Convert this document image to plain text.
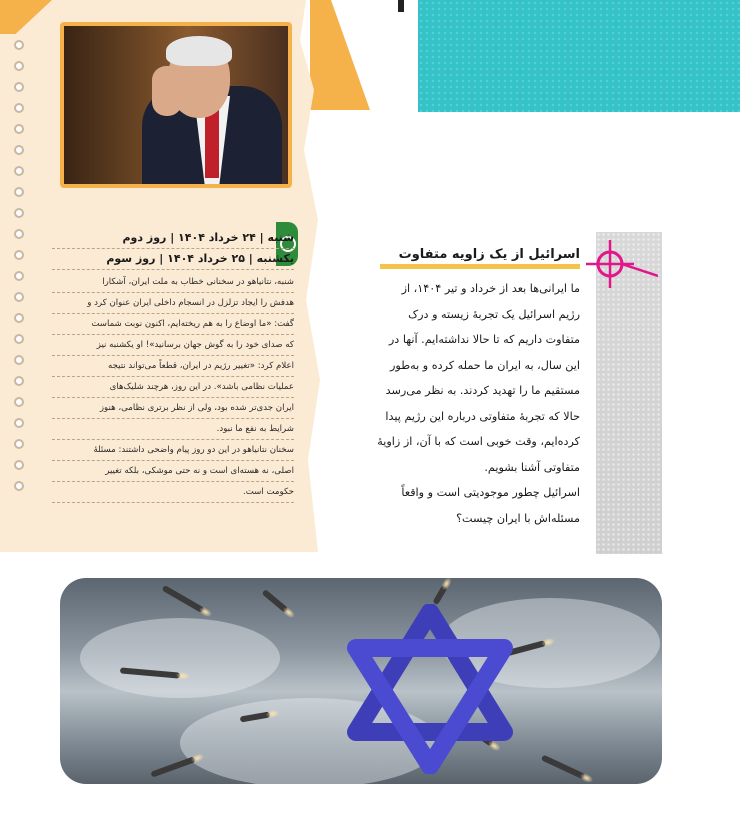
شنبه | ۲۴ خرداد ۱۴۰۴ | روز دوم
یکشنبه | ۲۵ خرداد ۱۴۰۴ | روز سوم
شنبه، نتانیاهو در سخنانی خطاب به ملت ایران، آشکارا
هدفش را ایجاد تزلزل در انسجام داخلی ایران عنوان کرد و
گفت: «ما اوضاع را به هم ریخته‌ایم، اکنون نوبت شماست
که صدای خود را به گوش جهان برسانید»! او یکشنبه نیز
اعلام کرد: «تغییر رژیم در ایران، قطعاً می‌تواند نتیجه
عملیات نظامی باشد». در این روز، هرچند شلیک‌های
ایران جدی‌تر شده بود، ولی از نظر برتری نظامی، هنوز
شرایط به نفع ما نبود.
سخنان نتانیاهو در این دو روز پیام واضحی داشتند: مسئلهٔ
اصلی، نه هسته‌ای است و نه حتی موشکی، بلکه تغییر
حکومت است.
اسرائیل از یک زاویه متفاوت
ما ایرانی‌ها بعد از خرداد و تیر ۱۴۰۴، از
رژیم اسرائیل یک تجربهٔ زیسته و درک
متفاوت داریم که تا حالا نداشته‌ایم. آنها در
این سال، به ایران ما حمله کرده و به‌طور
مستقیم ما را تهدید کردند. به نظر می‌رسد
حالا که تجربهٔ متفاوتی درباره این رژیم پیدا
کرده‌ایم، وقت خوبی است که با آن، از زاویهٔ
متفاوتی آشنا بشویم.
اسرائیل چطور موجودیتی است و واقعاً
مسئله‌اش با ایران چیست؟
